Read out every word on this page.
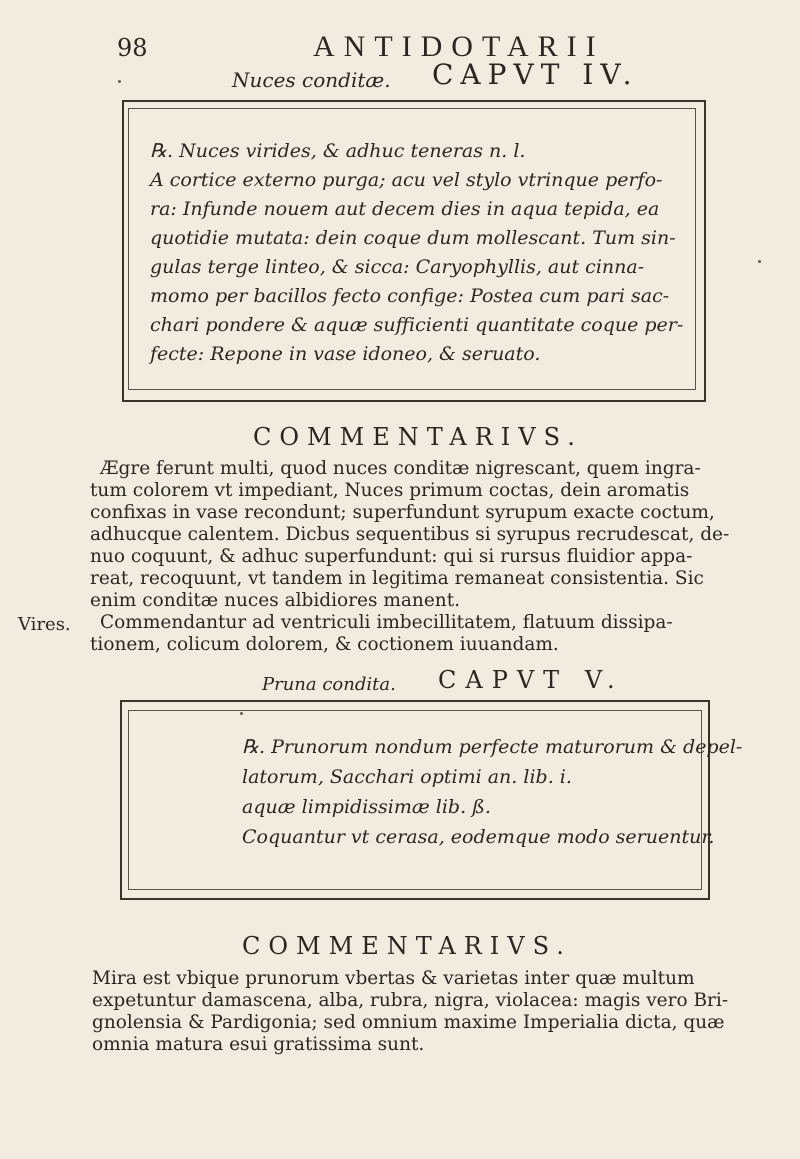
98	ANTIDOTARII
Nuces conditæ. CAPVT IV.
℞. Nuces virides, & adhuc teneras n. l.
A cortice externo purga; acu vel stylo vtrinque perfo-
ra: Infunde nouem aut decem dies in aqua tepida, ea
quotidie mutata: dein coque dum mollescant. Tum sin-
gulas terge linteo, & sicca: Caryophyllis, aut cinna-
momo per bacillos fecto confige: Postea cum pari sac-
chari pondere & aquæ sufficienti quantitate coque per-
fecte: Repone in vase idoneo, & seruato.
COMMENTARIVS.
Ægre ferunt multi, quod nuces conditæ nigrescant, quem ingra-
tum colorem vt impediant, Nuces primum coctas, dein aromatis
confixas in vase recondunt; superfundunt syrupum exacte coctum,
adhucque calentem. Dicbus sequentibus si syrupus recrudescat, de-
nuo coquunt, & adhuc superfundunt: qui si rursus fluidior appa-
reat, recoquunt, vt tandem in legitima remaneat consistentia. Sic
enim conditæ nuces albidiores manent.
Commendantur ad ventriculi imbecillitatem, flatuum dissipa-
tionem, colicum dolorem, & coctionem iuuandam.
Vires.
Pruna condita. CAPVT V.
℞. Prunorum nondum perfecte maturorum & depel-
latorum, Sacchari optimi an. lib. i.
aquæ limpidissimæ lib. ß.
Coquantur vt cerasa, eodemque modo seruentur.
COMMENTARIVS.
Mira est vbique prunorum vbertas & varietas inter quæ multum
expetuntur damascena, alba, rubra, nigra, violacea: magis vero Bri-
gnolensia & Pardigonia; sed omnium maxime Imperialia dicta, quæ
omnia matura esui gratissima sunt.
